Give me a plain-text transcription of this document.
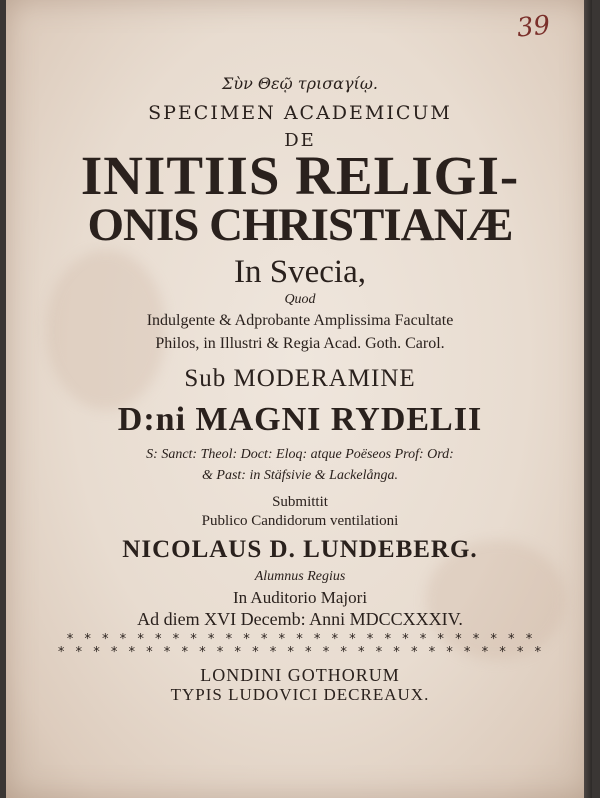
39
Σὺν Θεῷ τρισαγίῳ.
SPECIMEN ACADEMICUM
DE
INITIIS RELIGI-
ONIS CHRISTIANÆ
In Svecia,
Quod
Indulgente & Adprobante Amplissima Facultate
Philos, in Illustri & Regia Acad. Goth. Carol.
Sub MODERAMINE
D:ni MAGNI RYDELII
S: Sanct: Theol: Doct: Eloq: atque Poëseos Prof: Ord:
& Past: in Stäfsivie & Lackelånga.
Submittit
Publico Candidorum ventilationi
NICOLAUS D. LUNDEBERG.
Alumnus Regius
In Auditorio Majori
Ad diem XVI Decemb: Anni MDCCXXXIV.
* * * * * * * * * * * * * * * * * * * * * * * * * * *
* * * * * * * * * * * * * * * * * * * * * * * * * * * *
LONDINI GOTHORUM
TYPIS LUDOVICI DECREAUX.
